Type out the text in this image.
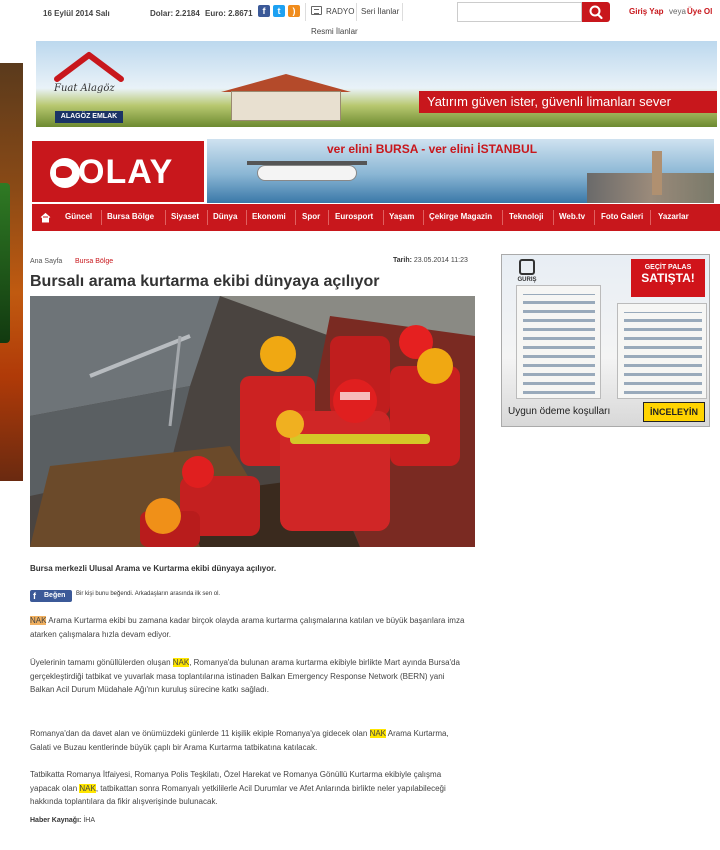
16 Eylül 2014 Salı	Dolar: 2.2184 Euro: 2.8671	f	t	)	RADYO Seri İlanlar
Resmi İlanlar
Giriş Yap veya Üye Ol
Fuat Alagöz
ALAGÖZ EMLAK
Yatırım güven ister, güvenli limanları sever
OLAY
ver elini BURSA - ver elini İSTANBUL
Güncel Bursa Bölge Siyaset Dünya Ekonomi Spor Eurosport Yaşam Çekirge Magazin Teknoloji Web.tv Foto Galeri Yazarlar
Ana Sayfa Bursa Bölge	Tarih: 23.05.2014 11:23
Bursalı arama kurtarma ekibi dünyaya açılıyor
Bursa merkezli Ulusal Arama ve Kurtarma ekibi dünyaya açılıyor.
f Beğen	Bir kişi bunu beğendi. Arkadaşların arasında ilk sen ol.

NAK Arama Kurtarma ekibi bu zamana kadar birçok olayda arama kurtarma çalışmalarına katılan ve büyük başarılara imza atarken çalışmalara hızla devam ediyor.

Üyelerinin tamamı gönüllülerden oluşan NAK, Romanya'da bulunan arama kurtarma ekibiyle birlikte Mart ayında Bursa'da gerçekleştirdiği tatbikat ve yuvarlak masa toplantılarına istinaden Balkan Emergency Response Network (BERN) yani Balkan Acil Durum Müdahale Ağı'nın kuruluş sürecine katkı sağladı.

Romanya'dan da davet alan ve önümüzdeki günlerde 11 kişilik ekiple Romanya'ya gidecek olan NAK Arama Kurtarma, Galati ve Buzau kentlerinde büyük çaplı bir Arama Kurtarma tatbikatına katılacak.

Tatbikatta Romanya İtfaiyesi, Romanya Polis Teşkilatı, Özel Harekat ve Romanya Gönüllü Kurtarma ekibiyle çalışma yapacak olan NAK, tatbikattan sonra Romanyalı yetkililerle Acil Durumlar ve Afet Anlarında birlikte neler yapılabileceği hakkında toplantılara da fikir alışverişinde bulunacak.

Haber Kaynağı: İHA
GURIŞ
GEÇİT PALAS
SATIŞTA!
Uygun ödeme koşulları	İNCELEYİN
